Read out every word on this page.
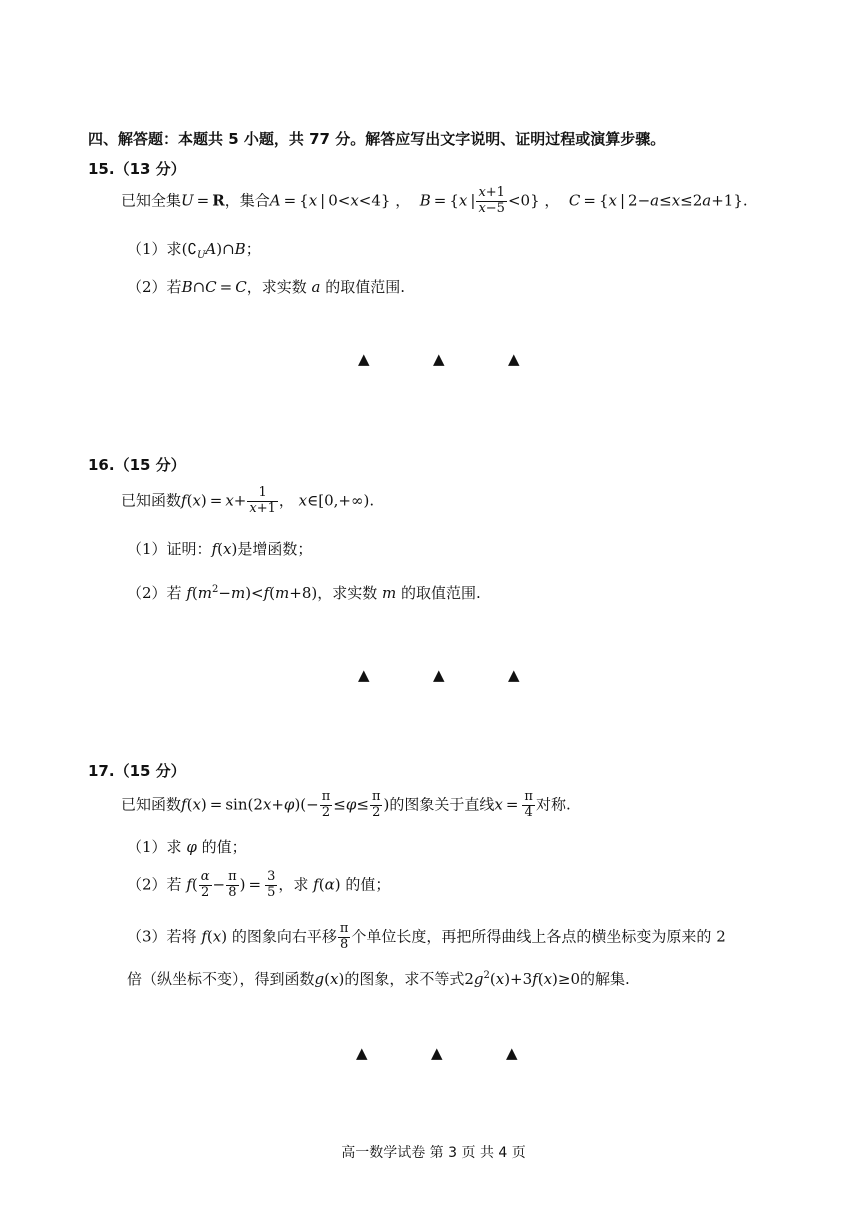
四、解答题：本题共 5 小题，共 77 分。解答应写出文字说明、证明过程或演算步骤。
15.（13 分）
已知全集U = R，集合A = {x | 0<x<4} ，  B = {x | $\frac{x+1}{x-5} <0$} ，  C = {x | 2−a≤x≤2a+1}.
（1）求$(∁_UA)\cap B$；
（2）若B∩C = C，求实数 a 的取值范围.
▲	▲	▲
16.（15 分）
已知函数$f(x) = x+ \frac{1}{x+1}$ ， x∈[0,+∞).
（1）证明：f(x)是增函数；
（2）若 $f(m^2-m)<f(m+8)$，求实数 m 的取值范围.
▲	▲	▲
17.（15 分）
已知函数$f(x) = \sin(2x+\varphi)(- \frac{\pi}{2} \le\varphi\le \frac{\pi}{2}$ )的图象关于直线$x = \frac{\pi}{4}$ 对称.
（1）求 φ 的值；
（2）若 $f( \frac{\alpha}{2} - \frac{\pi}{8}$ ) =  $\frac{3}{5}$ ，求 f(α) 的值；
（3）若将 f(x) 的图象向右平移 $\frac{\pi}{8}$ 个单位长度，再把所得曲线上各点的横坐标变为原来的 2
倍（纵坐标不变），得到函数g(x)的图象，求不等式$2g^2(x)+3f(x)\ge 0$的解集.
▲	▲	▲
高一数学试卷 第 3 页 共 4 页
